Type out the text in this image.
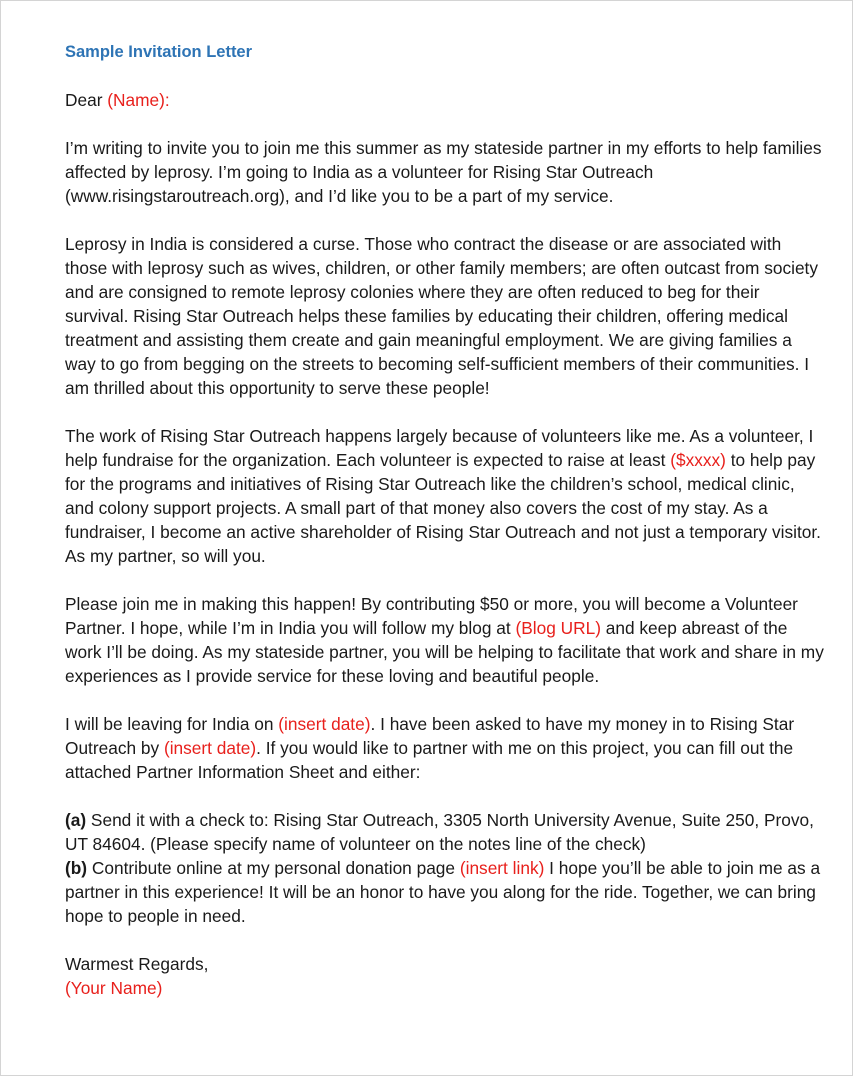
Sample Invitation Letter

Dear (Name):

I’m writing to invite you to join me this summer as my stateside partner in my efforts to help families affected by leprosy. I’m going to India as a volunteer for Rising Star Outreach (www.risingstaroutreach.org), and I’d like you to be a part of my service.

Leprosy in India is considered a curse. Those who contract the disease or are associated with those with leprosy such as wives, children, or other family members; are often outcast from society and are consigned to remote leprosy colonies where they are often reduced to beg for their survival. Rising Star Outreach helps these families by educating their children, offering medical treatment and assisting them create and gain meaningful employment. We are giving families a way to go from begging on the streets to becoming self-sufficient members of their communities. I am thrilled about this opportunity to serve these people!

The work of Rising Star Outreach happens largely because of volunteers like me. As a volunteer, I help fundraise for the organization. Each volunteer is expected to raise at least ($xxxx) to help pay for the programs and initiatives of Rising Star Outreach like the children’s school, medical clinic, and colony support projects. A small part of that money also covers the cost of my stay. As a fundraiser, I become an active shareholder of Rising Star Outreach and not just a temporary visitor. As my partner, so will you.

Please join me in making this happen! By contributing $50 or more, you will become a Volunteer Partner. I hope, while I’m in India you will follow my blog at (Blog URL) and keep abreast of the work I’ll be doing. As my stateside partner, you will be helping to facilitate that work and share in my experiences as I provide service for these loving and beautiful people.

I will be leaving for India on (insert date). I have been asked to have my money in to Rising Star Outreach by (insert date). If you would like to partner with me on this project, you can fill out the attached Partner Information Sheet and either:

(a) Send it with a check to: Rising Star Outreach, 3305 North University Avenue, Suite 250, Provo, UT 84604. (Please specify name of volunteer on the notes line of the check)

(b) Contribute online at my personal donation page (insert link) I hope you’ll be able to join me as a partner in this experience! It will be an honor to have you along for the ride. Together, we can bring hope to people in need.

Warmest Regards,

(Your Name)
